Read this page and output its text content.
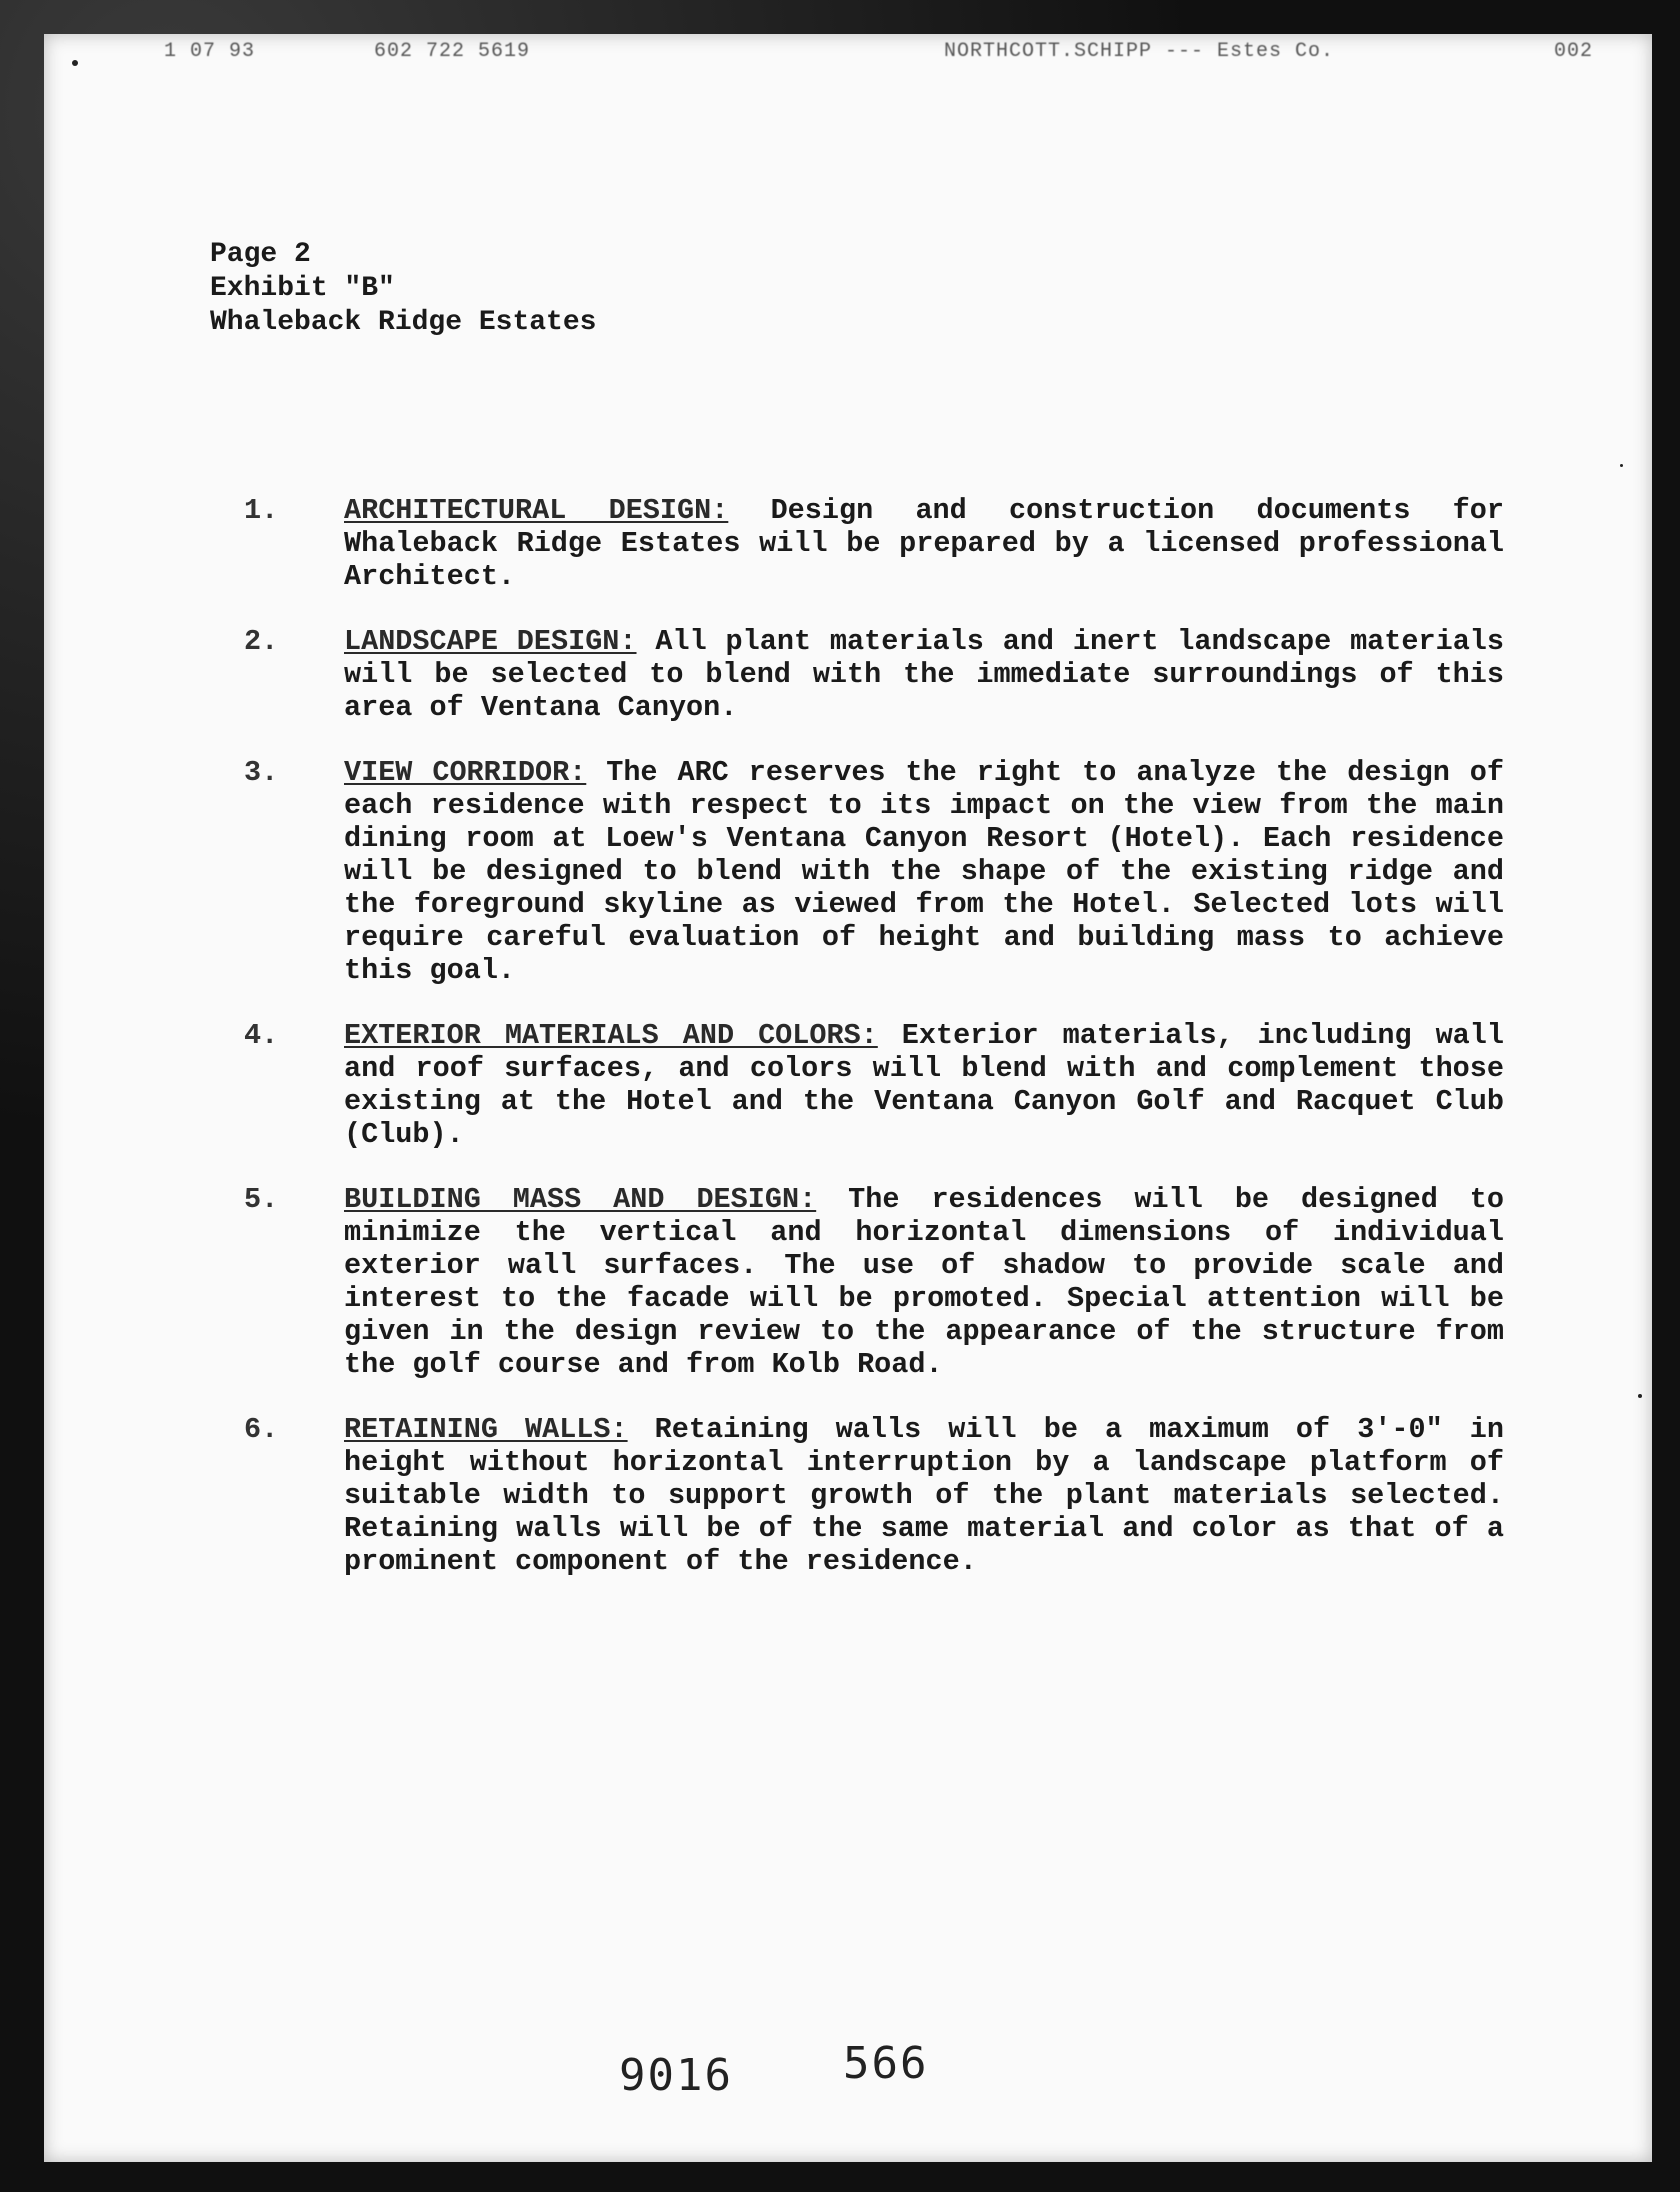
1 07 93	602 722 5619	NORTHCOTT.SCHIPP --- Estes Co.	002
Page 2
Exhibit "B"
Whaleback Ridge Estates
1. ARCHITECTURAL DESIGN: Design and construction documents for Whaleback Ridge Estates will be prepared by a licensed professional Architect.
2. LANDSCAPE DESIGN: All plant materials and inert landscape materials will be selected to blend with the immediate surroundings of this area of Ventana Canyon.
3. VIEW CORRIDOR: The ARC reserves the right to analyze the design of each residence with respect to its impact on the view from the main dining room at Loew's Ventana Canyon Resort (Hotel). Each residence will be designed to blend with the shape of the existing ridge and the foreground skyline as viewed from the Hotel. Selected lots will require careful evaluation of height and building mass to achieve this goal.
4. EXTERIOR MATERIALS AND COLORS: Exterior materials, including wall and roof surfaces, and colors will blend with and complement those existing at the Hotel and the Ventana Canyon Golf and Racquet Club (Club).
5. BUILDING MASS AND DESIGN: The residences will be designed to minimize the vertical and horizontal dimensions of individual exterior wall surfaces. The use of shadow to provide scale and interest to the facade will be promoted. Special attention will be given in the design review to the appearance of the structure from the golf course and from Kolb Road.
6. RETAINING WALLS: Retaining walls will be a maximum of 3'-0" in height without horizontal interruption by a landscape platform of suitable width to support growth of the plant materials selected. Retaining walls will be of the same material and color as that of a prominent component of the residence.
9016	566
